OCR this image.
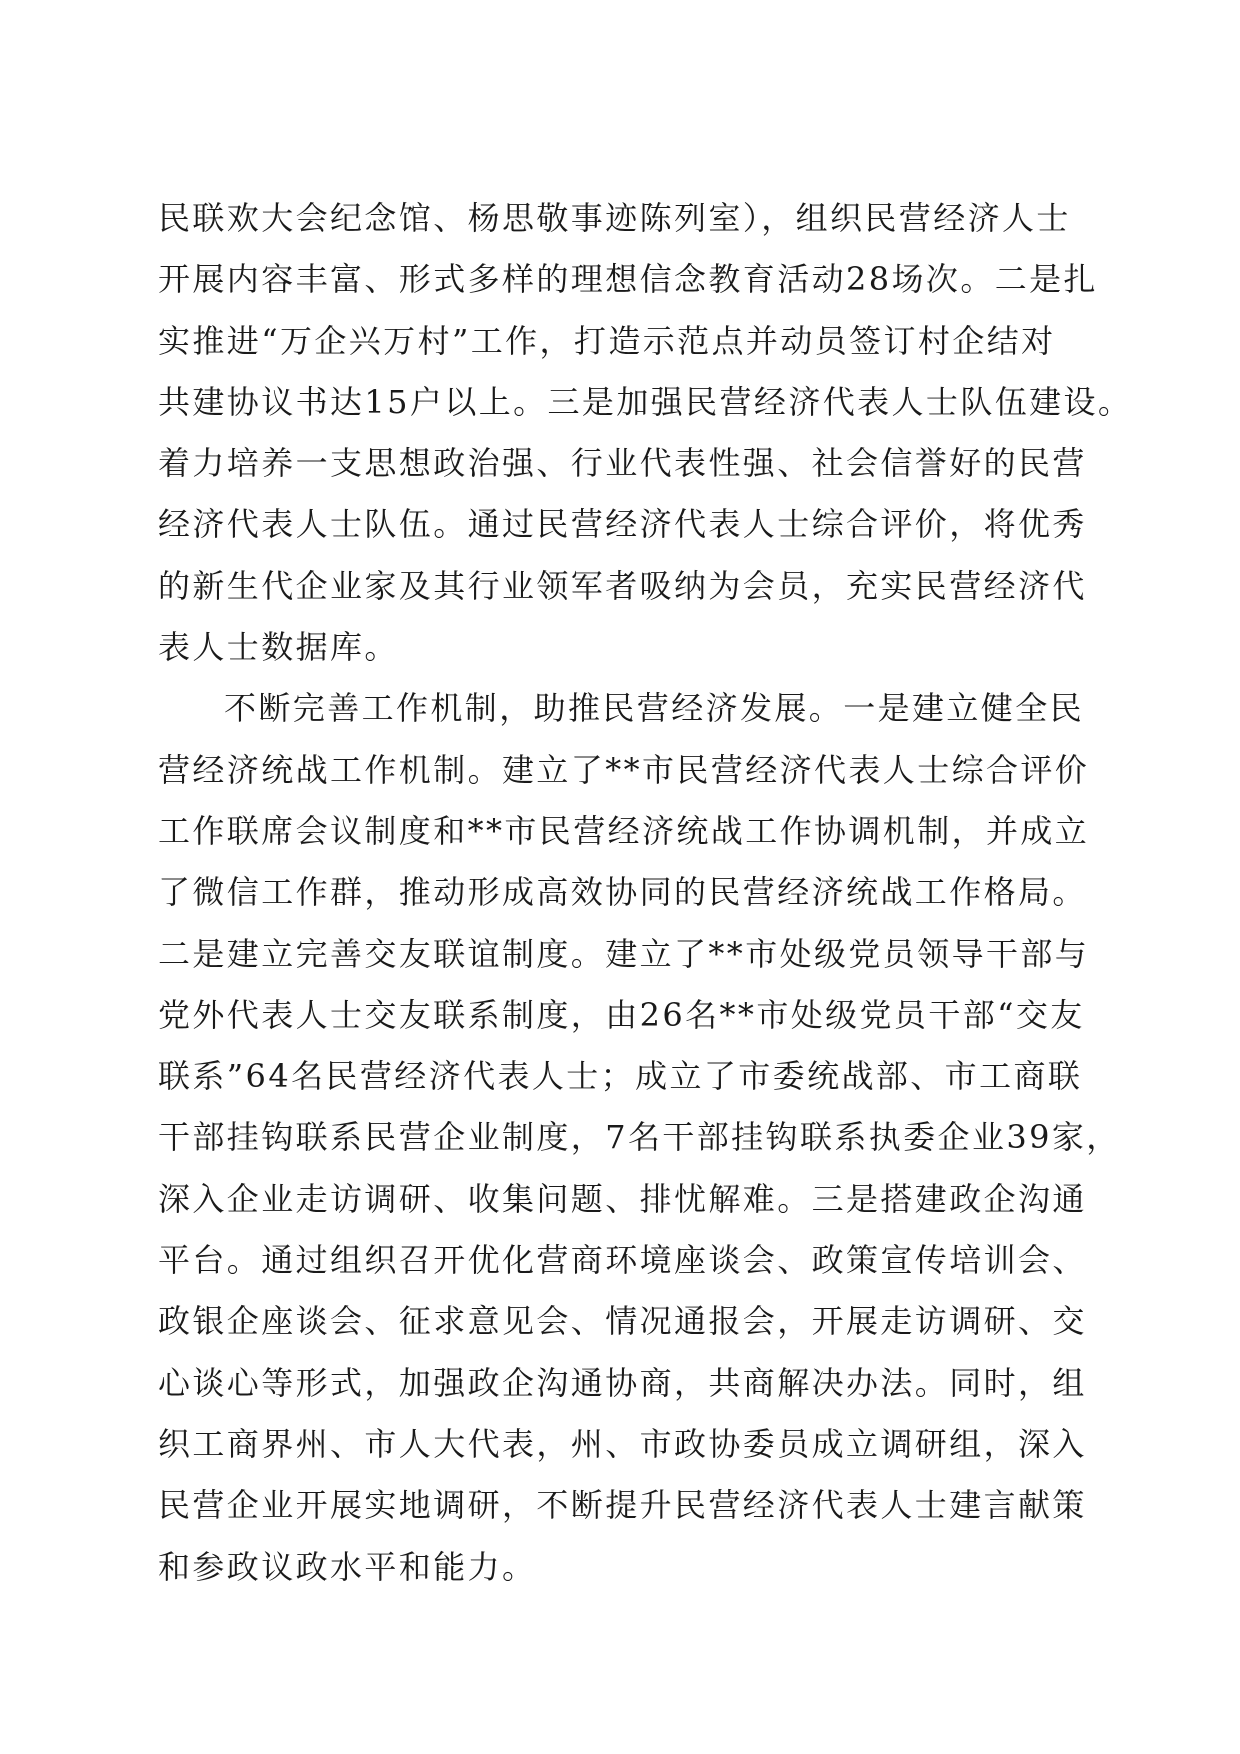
民联欢大会纪念馆、杨思敬事迹陈列室），组织民营经济人士
开展内容丰富、形式多样的理想信念教育活动28场次。二是扎
实推进“万企兴万村”工作，打造示范点并动员签订村企结对
共建协议书达15户以上。三是加强民营经济代表人士队伍建设。
着力培养一支思想政治强、行业代表性强、社会信誉好的民营
经济代表人士队伍。通过民营经济代表人士综合评价，将优秀
的新生代企业家及其行业领军者吸纳为会员，充实民营经济代
表人士数据库。
不断完善工作机制，助推民营经济发展。一是建立健全民
营经济统战工作机制。建立了**市民营经济代表人士综合评价
工作联席会议制度和**市民营经济统战工作协调机制，并成立
了微信工作群，推动形成高效协同的民营经济统战工作格局。
二是建立完善交友联谊制度。建立了**市处级党员领导干部与
党外代表人士交友联系制度，由26名**市处级党员干部“交友
联系”64名民营经济代表人士；成立了市委统战部、市工商联
干部挂钩联系民营企业制度，7名干部挂钩联系执委企业39家，
深入企业走访调研、收集问题、排忧解难。三是搭建政企沟通
平台。通过组织召开优化营商环境座谈会、政策宣传培训会、
政银企座谈会、征求意见会、情况通报会，开展走访调研、交
心谈心等形式，加强政企沟通协商，共商解决办法。同时，组
织工商界州、市人大代表，州、市政协委员成立调研组，深入
民营企业开展实地调研，不断提升民营经济代表人士建言献策
和参政议政水平和能力。
